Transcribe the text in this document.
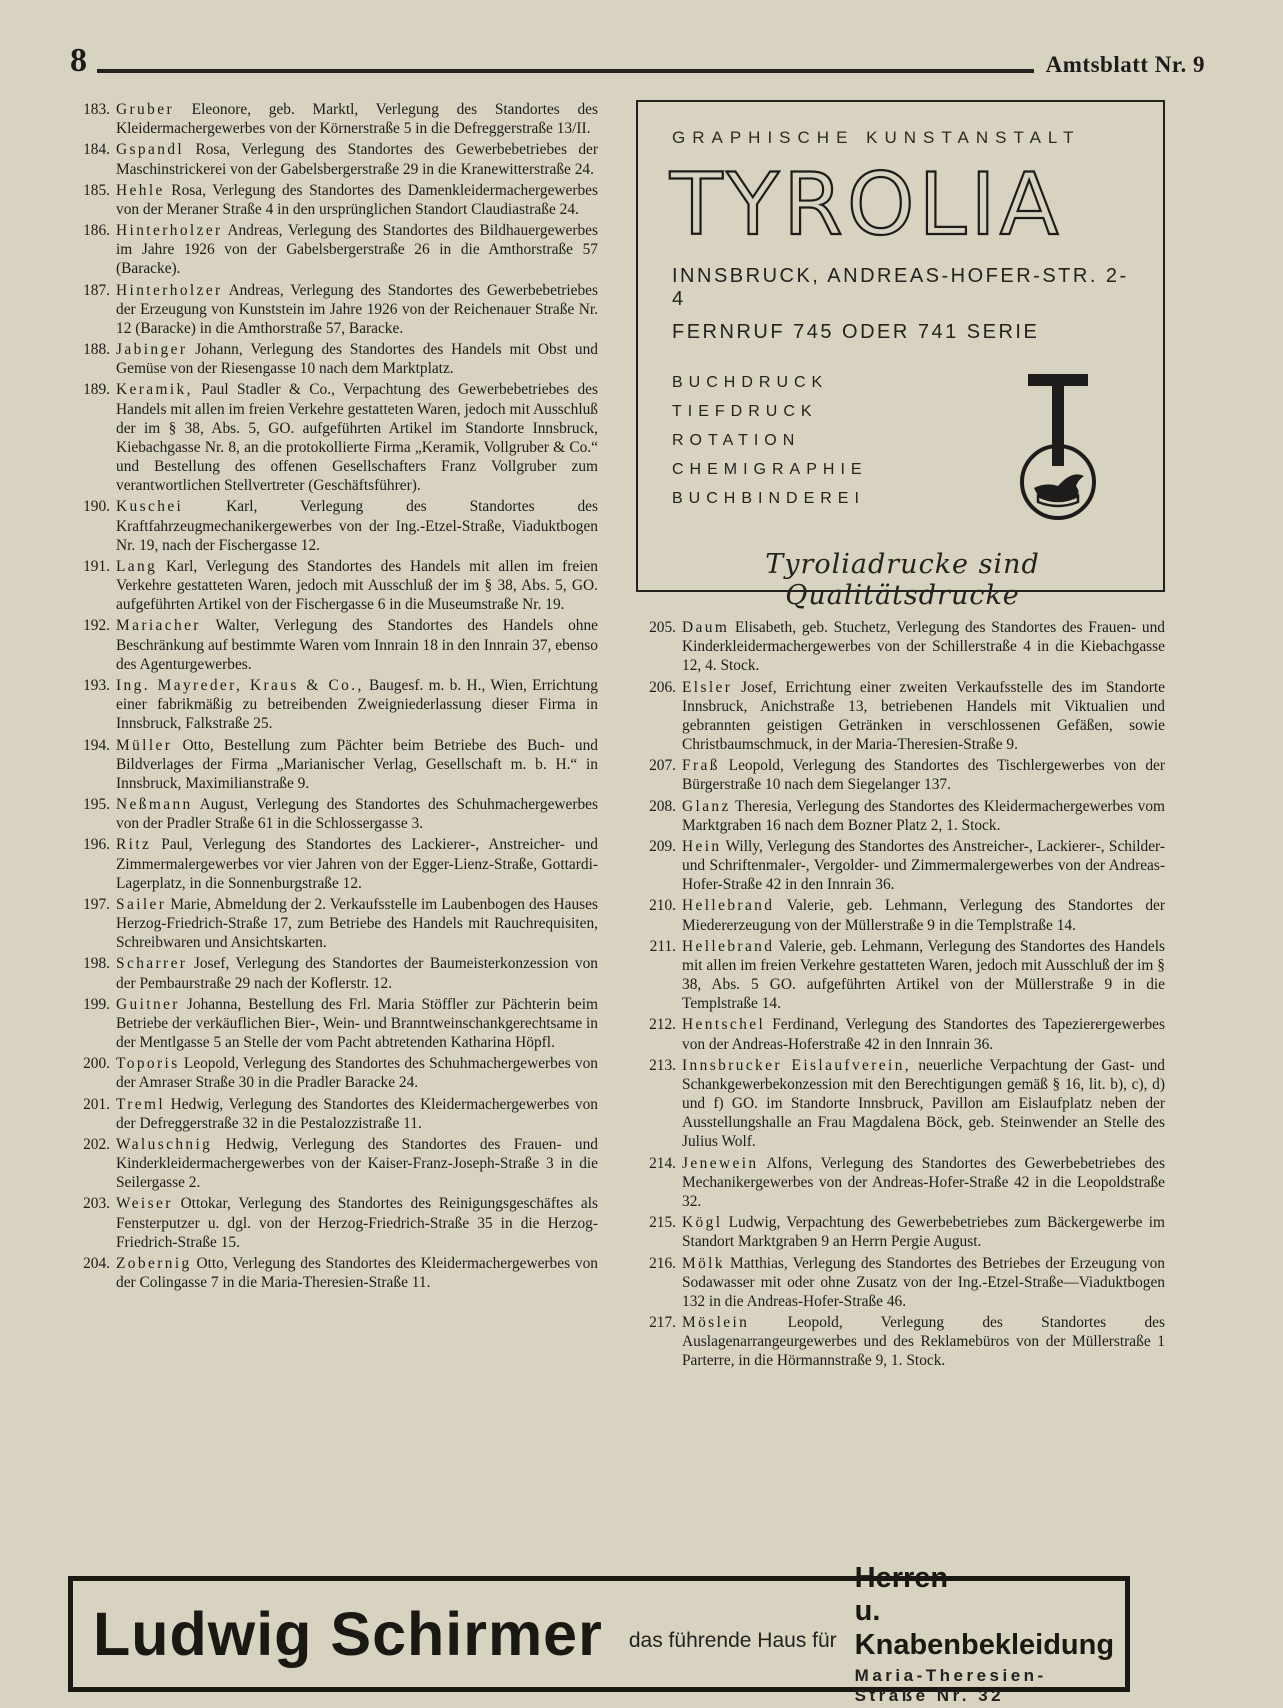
8	Amtsblatt Nr. 9
183. Gruber Eleonore, geb. Marktl, Verlegung des Standortes des Kleidermachergewerbes von der Körnerstraße 5 in die Defreggerstraße 13/II.
184. Gspandl Rosa, Verlegung des Standortes des Gewerbebetriebes der Maschinstrickerei von der Gabelsbergerstraße 29 in die Kranewitterstraße 24.
185. Hehle Rosa, Verlegung des Standortes des Damenkleidermachergewerbes von der Meraner Straße 4 in den ursprünglichen Standort Claudiastraße 24.
186. Hinterholzer Andreas, Verlegung des Standortes des Bildhauergewerbes im Jahre 1926 von der Gabelsbergerstraße 26 in die Amthorstraße 57 (Baracke).
187. Hinterholzer Andreas, Verlegung des Standortes des Gewerbebetriebes der Erzeugung von Kunststein im Jahre 1926 von der Reichenauer Straße Nr. 12 (Baracke) in die Amthorstraße 57, Baracke.
188. Jabinger Johann, Verlegung des Standortes des Handels mit Obst und Gemüse von der Riesengasse 10 nach dem Marktplatz.
189. Keramik, Paul Stadler & Co., Verpachtung des Gewerbebetriebes des Handels mit allen im freien Verkehre gestatteten Waren, jedoch mit Ausschluß der im § 38, Abs. 5, GO. aufgeführten Artikel im Standorte Innsbruck, Kiebachgasse Nr. 8, an die protokollierte Firma „Keramik, Vollgruber & Co.“ und Bestellung des offenen Gesellschafters Franz Vollgruber zum verantwortlichen Stellvertreter (Geschäftsführer).
190. Kuschei Karl, Verlegung des Standortes des Kraftfahrzeugmechanikergewerbes von der Ing.-Etzel-Straße, Viaduktbogen Nr. 19, nach der Fischergasse 12.
191. Lang Karl, Verlegung des Standortes des Handels mit allen im freien Verkehre gestatteten Waren, jedoch mit Ausschluß der im § 38, Abs. 5, GO. aufgeführten Artikel von der Fischergasse 6 in die Museumstraße Nr. 19.
192. Mariacher Walter, Verlegung des Standortes des Handels ohne Beschränkung auf bestimmte Waren vom Innrain 18 in den Innrain 37, ebenso des Agenturgewerbes.
193. Ing. Mayreder, Kraus & Co., Baugesf. m. b. H., Wien, Errichtung einer fabrikmäßig zu betreibenden Zweigniederlassung dieser Firma in Innsbruck, Falkstraße 25.
194. Müller Otto, Bestellung zum Pächter beim Betriebe des Buch- und Bildverlages der Firma „Marianischer Verlag, Gesellschaft m. b. H.“ in Innsbruck, Maximilianstraße 9.
195. Neßmann August, Verlegung des Standortes des Schuhmachergewerbes von der Pradler Straße 61 in die Schlossergasse 3.
196. Ritz Paul, Verlegung des Standortes des Lackierer-, Anstreicher- und Zimmermalergewerbes vor vier Jahren von der Egger-Lienz-Straße, Gottardi-Lagerplatz, in die Sonnenburgstraße 12.
197. Sailer Marie, Abmeldung der 2. Verkaufsstelle im Laubenbogen des Hauses Herzog-Friedrich-Straße 17, zum Betriebe des Handels mit Rauchrequisiten, Schreibwaren und Ansichtskarten.
198. Scharrer Josef, Verlegung des Standortes der Baumeisterkonzession von der Pembaurstraße 29 nach der Koflerstr. 12.
199. Guitner Johanna, Bestellung des Frl. Maria Stöffler zur Pächterin beim Betriebe der verkäuflichen Bier-, Wein- und Branntweinschankgerechtsame in der Mentlgasse 5 an Stelle der vom Pacht abtretenden Katharina Höpfl.
200. Toporis Leopold, Verlegung des Standortes des Schuhmachergewerbes von der Amraser Straße 30 in die Pradler Baracke 24.
201. Treml Hedwig, Verlegung des Standortes des Kleidermachergewerbes von der Defreggerstraße 32 in die Pestalozzistraße 11.
202. Waluschnig Hedwig, Verlegung des Standortes des Frauen- und Kinderkleidermachergewerbes von der Kaiser-Franz-Joseph-Straße 3 in die Seilergasse 2.
203. Weiser Ottokar, Verlegung des Standortes des Reinigungsgeschäftes als Fensterputzer u. dgl. von der Herzog-Friedrich-Straße 35 in die Herzog-Friedrich-Straße 15.
204. Zobernig Otto, Verlegung des Standortes des Kleidermachergewerbes von der Colingasse 7 in die Maria-Theresien-Straße 11.
GRAPHISCHE KUNSTANSTALT
TYROLIA
INNSBRUCK, ANDREAS-HOFER-STR. 2-4
FERNRUF 745 ODER 741 SERIE
BUCHDRUCK
TIEFDRUCK
ROTATION
CHEMIGRAPHIE
BUCHBINDEREI
Tyroliadrucke sind Qualitätsdrucke
205. Daum Elisabeth, geb. Stuchetz, Verlegung des Standortes des Frauen- und Kinderkleidermachergewerbes von der Schillerstraße 4 in die Kiebachgasse 12, 4. Stock.
206. Elsler Josef, Errichtung einer zweiten Verkaufsstelle des im Standorte Innsbruck, Anichstraße 13, betriebenen Handels mit Viktualien und gebrannten geistigen Getränken in verschlossenen Gefäßen, sowie Christbaumschmuck, in der Maria-Theresien-Straße 9.
207. Fraß Leopold, Verlegung des Standortes des Tischlergewerbes von der Bürgerstraße 10 nach dem Siegelanger 137.
208. Glanz Theresia, Verlegung des Standortes des Kleidermachergewerbes vom Marktgraben 16 nach dem Bozner Platz 2, 1. Stock.
209. Hein Willy, Verlegung des Standortes des Anstreicher-, Lackierer-, Schilder- und Schriftenmaler-, Vergolder- und Zimmermalergewerbes von der Andreas-Hofer-Straße 42 in den Innrain 36.
210. Hellebrand Valerie, geb. Lehmann, Verlegung des Standortes der Miedererzeugung von der Müllerstraße 9 in die Templstraße 14.
211. Hellebrand Valerie, geb. Lehmann, Verlegung des Standortes des Handels mit allen im freien Verkehre gestatteten Waren, jedoch mit Ausschluß der im § 38, Abs. 5 GO. aufgeführten Artikel von der Müllerstraße 9 in die Templstraße 14.
212. Hentschel Ferdinand, Verlegung des Standortes des Tapezierergewerbes von der Andreas-Hoferstraße 42 in den Innrain 36.
213. Innsbrucker Eislaufverein, neuerliche Verpachtung der Gast- und Schankgewerbekonzession mit den Berechtigungen gemäß § 16, lit. b), c), d) und f) GO. im Standorte Innsbruck, Pavillon am Eislaufplatz neben der Ausstellungshalle an Frau Magdalena Böck, geb. Steinwender an Stelle des Julius Wolf.
214. Jenewein Alfons, Verlegung des Standortes des Gewerbebetriebes des Mechanikergewerbes von der Andreas-Hofer-Straße 42 in die Leopoldstraße 32.
215. Kögl Ludwig, Verpachtung des Gewerbebetriebes zum Bäckergewerbe im Standort Marktgraben 9 an Herrn Pergie August.
216. Mölk Matthias, Verlegung des Standortes des Betriebes der Erzeugung von Sodawasser mit oder ohne Zusatz von der Ing.-Etzel-Straße—Viaduktbogen 132 in die Andreas-Hofer-Straße 46.
217. Möslein Leopold, Verlegung des Standortes des Auslagenarrangeurgewerbes und des Reklamebüros von der Müllerstraße 1 Parterre, in die Hörmannstraße 9, 1. Stock.
Ludwig Schirmer das führende Haus für
Herren-
u. Knabenbekleidung
Maria-Theresien-Straße Nr. 32
